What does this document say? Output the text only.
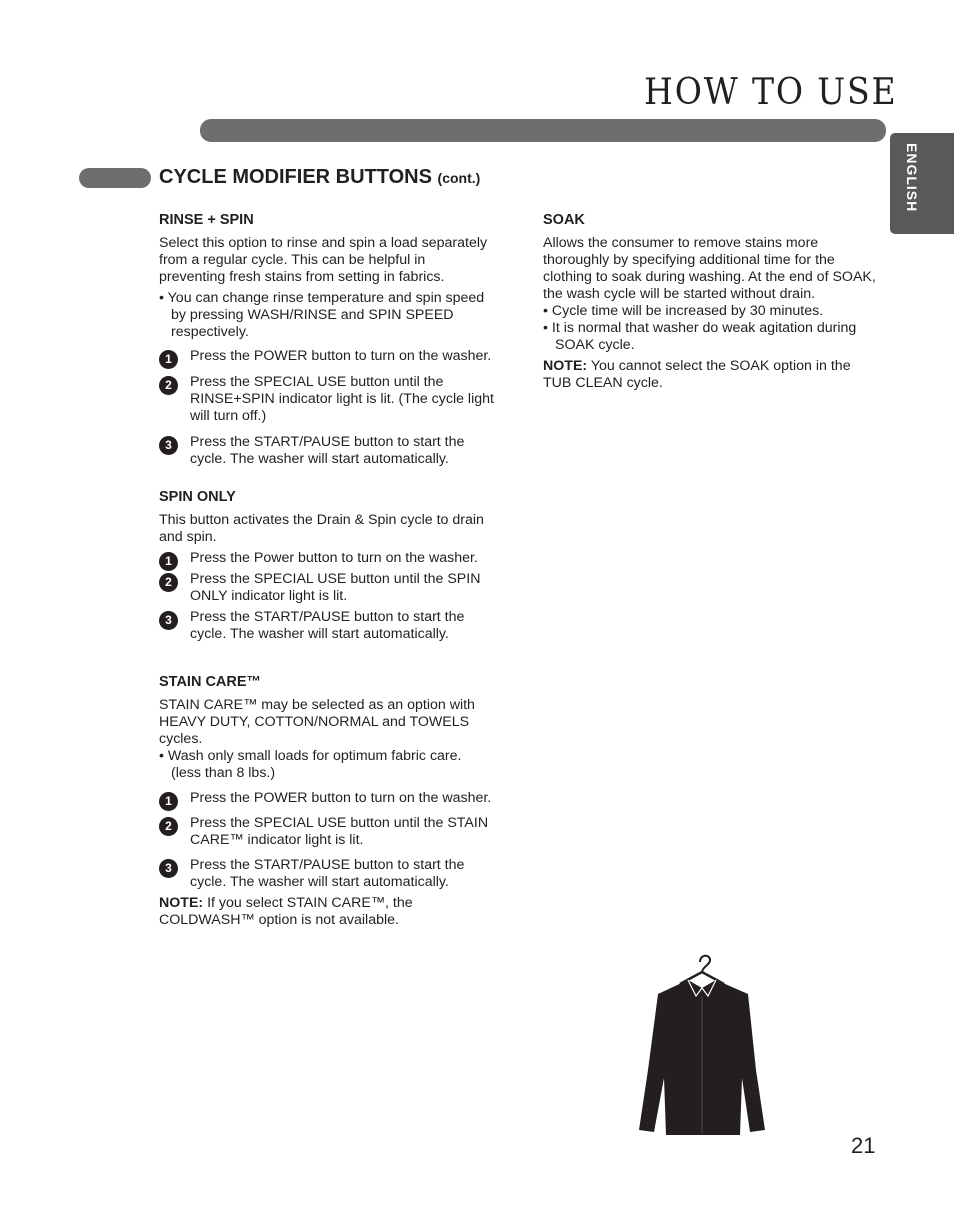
HOW TO USE
ENGLISH
CYCLE MODIFIER BUTTONS (cont.)
RINSE + SPIN

Select this option to rinse and spin a load separately from a regular cycle. This can be helpful in preventing fresh stains from setting in fabrics.

• You can change rinse temperature and spin speed by pressing WASH/RINSE and SPIN SPEED respectively.

1	Press the POWER button to turn on the washer.
2	Press the SPECIAL USE button until the RINSE+SPIN indicator light is lit. (The cycle light will turn off.)
3	Press the START/PAUSE button to start the cycle. The washer will start automatically.
SPIN ONLY

This button activates the Drain & Spin cycle to drain and spin.

1	Press the Power button to turn on the washer.
2	Press the SPECIAL USE button until the SPIN ONLY indicator light is lit.
3	Press the START/PAUSE button to start the cycle. The washer will start automatically.
STAIN CARE™

STAIN CARE™ may be selected as an option with HEAVY DUTY, COTTON/NORMAL and TOWELS cycles.

• Wash only small loads for optimum fabric care. (less than 8 lbs.)

1	Press the POWER button to turn on the washer.
2	Press the SPECIAL USE button until the STAIN CARE™ indicator light is lit.
3	Press the START/PAUSE button to start the cycle. The washer will start automatically.

NOTE: If you select STAIN CARE™, the COLDWASH™ option is not available.

SOAK

Allows the consumer to remove stains more thoroughly by specifying additional time for the clothing to soak during washing. At the end of SOAK, the wash cycle will be started without drain.

• Cycle time will be increased by 30 minutes.

• It is normal that washer do weak agitation during SOAK cycle.

NOTE: You cannot select the SOAK option in the TUB CLEAN cycle.

21
